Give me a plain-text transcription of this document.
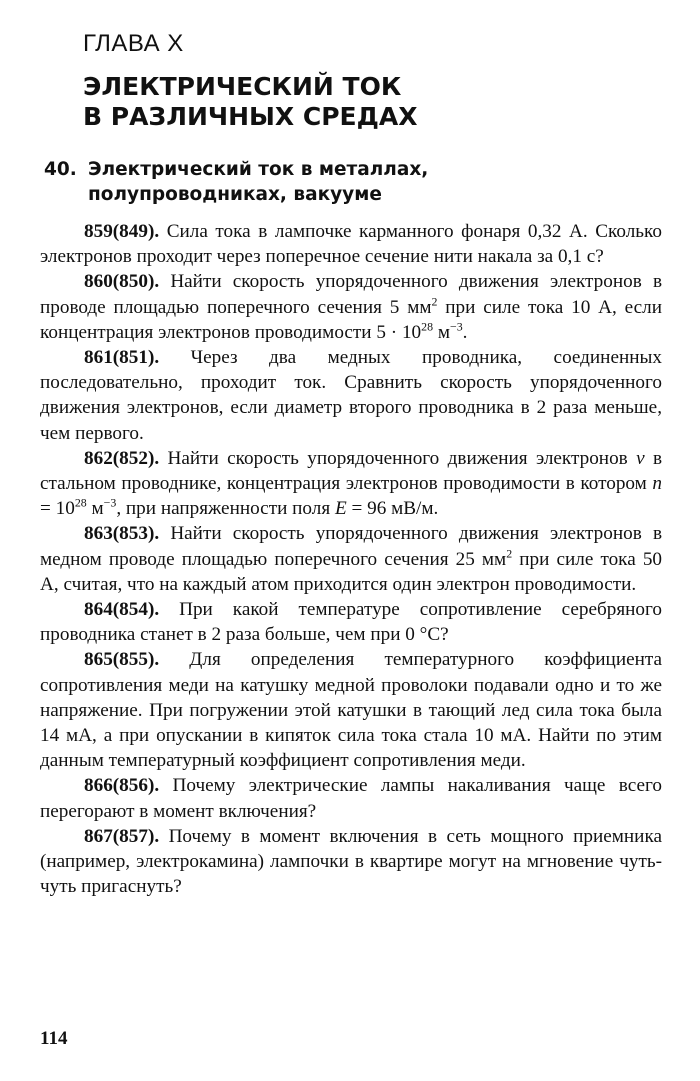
ГЛАВА X
ЭЛЕКТРИЧЕСКИЙ ТОК
В РАЗЛИЧНЫХ СРЕДАХ
40. Электрический ток в металлах,
полупроводниках, вакууме

859(849). Сила тока в лампочке карманного фонаря 0,32 А. Сколько электронов проходит через поперечное сечение нити накала за 0,1 с?

860(850). Найти скорость упорядоченного движения электронов в проводе площадью поперечного сечения 5 $мм^2$ при силе тока 10 А, если концентрация электронов проводимости $5 \cdot 10^{28}$ $м^{-3}$.

861(851). Через два медных проводника, соединенных последовательно, проходит ток. Сравнить скорость упорядоченного движения электронов, если диаметр второго проводника в 2 раза меньше, чем первого.

862(852). Найти скорость упорядоченного движения электронов v в стальном проводнике, концентрация электронов проводимости в котором $n = 10^{28}$ $м^{-3}$, при напряженности поля E = 96 мВ/м.

863(853). Найти скорость упорядоченного движения электронов в медном проводе площадью поперечного сечения 25 $мм^2$ при силе тока 50 А, считая, что на каждый атом приходится один электрон проводимости.

864(854). При какой температуре сопротивление серебряного проводника станет в 2 раза больше, чем при 0 °С?

865(855). Для определения температурного коэффициента сопротивления меди на катушку медной проволоки подавали одно и то же напряжение. При погружении этой катушки в тающий лед сила тока была 14 мА, а при опускании в кипяток сила тока стала 10 мА. Найти по этим данным температурный коэффициент сопротивления меди.

866(856). Почему электрические лампы накаливания чаще всего перегорают в момент включения?

867(857). Почему в момент включения в сеть мощного приемника (например, электрокамина) лампочки в квартире могут на мгновение чуть-чуть пригаснуть?

114
